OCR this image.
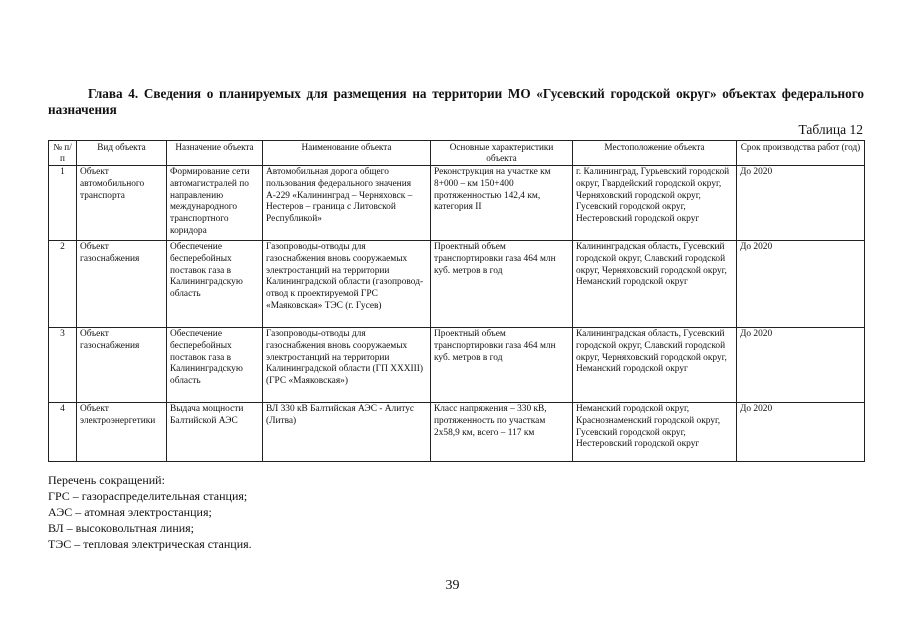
Глава 4. Сведения о планируемых для размещения на территории МО «Гусевский городской округ» объектах федерального назначения
Таблица 12
№ п/п	Вид объекта	Назначение объекта	Наименование объекта	Основные характеристики объекта	Местоположение объекта	Срок производства работ (год)
1	Объект автомобильного транспорта	Формирование сети автомагистралей по направлению международного транспортного коридора	Автомобильная дорога общего пользования федерального значения А-229 «Калининград – Черняховск – Нестеров – граница с Литовской Республикой»	Реконструкция на участке км 8+000 – км 150+400 протяженностью 142,4 км, категория II	г. Калининград, Гурьевский городской округ, Гвардейский городской округ, Черняховский городской округ, Гусевский городской округ, Нестеровский городской округ	До 2020
2	Объект газоснабжения	Обеспечение бесперебойных поставок газа в Калининградскую область	Газопроводы-отводы для газоснабжения вновь сооружаемых электростанций на территории Калининградской области (газопровод-отвод к проектируемой ГРС «Маяковская» ТЭС (г. Гусев)	Проектный объем транспортировки газа 464 млн куб. метров в год	Калининградская область, Гусевский городской округ, Славский городской округ, Черняховский городской округ, Неманский городской округ	До 2020
3	Объект газоснабжения	Обеспечение бесперебойных поставок газа в Калининградскую область	Газопроводы-отводы для газоснабжения вновь сооружаемых электростанций на территории Калининградской области (ГП XXXIII) (ГРС «Маяковская»)	Проектный объем транспортировки газа 464 млн куб. метров в год	Калининградская область, Гусевский городской округ, Славский городской округ, Черняховский городской округ, Неманский городской округ	До 2020
4	Объект электроэнергетики	Выдача мощности Балтийской АЭС	ВЛ 330 кВ Балтийская АЭС - Алитус (Литва)	Класс напряжения – 330 кВ, протяженность по участкам 2х58,9 км, всего – 117 км	Неманский городской округ, Краснознаменский городской округ, Гусевский городской округ, Нестеровский городской округ	До 2020
Перечень сокращений:
ГРС – газораспределительная станция;
АЭС – атомная электростанция;
ВЛ – высоковольтная линия;
ТЭС – тепловая электрическая станция.
39
